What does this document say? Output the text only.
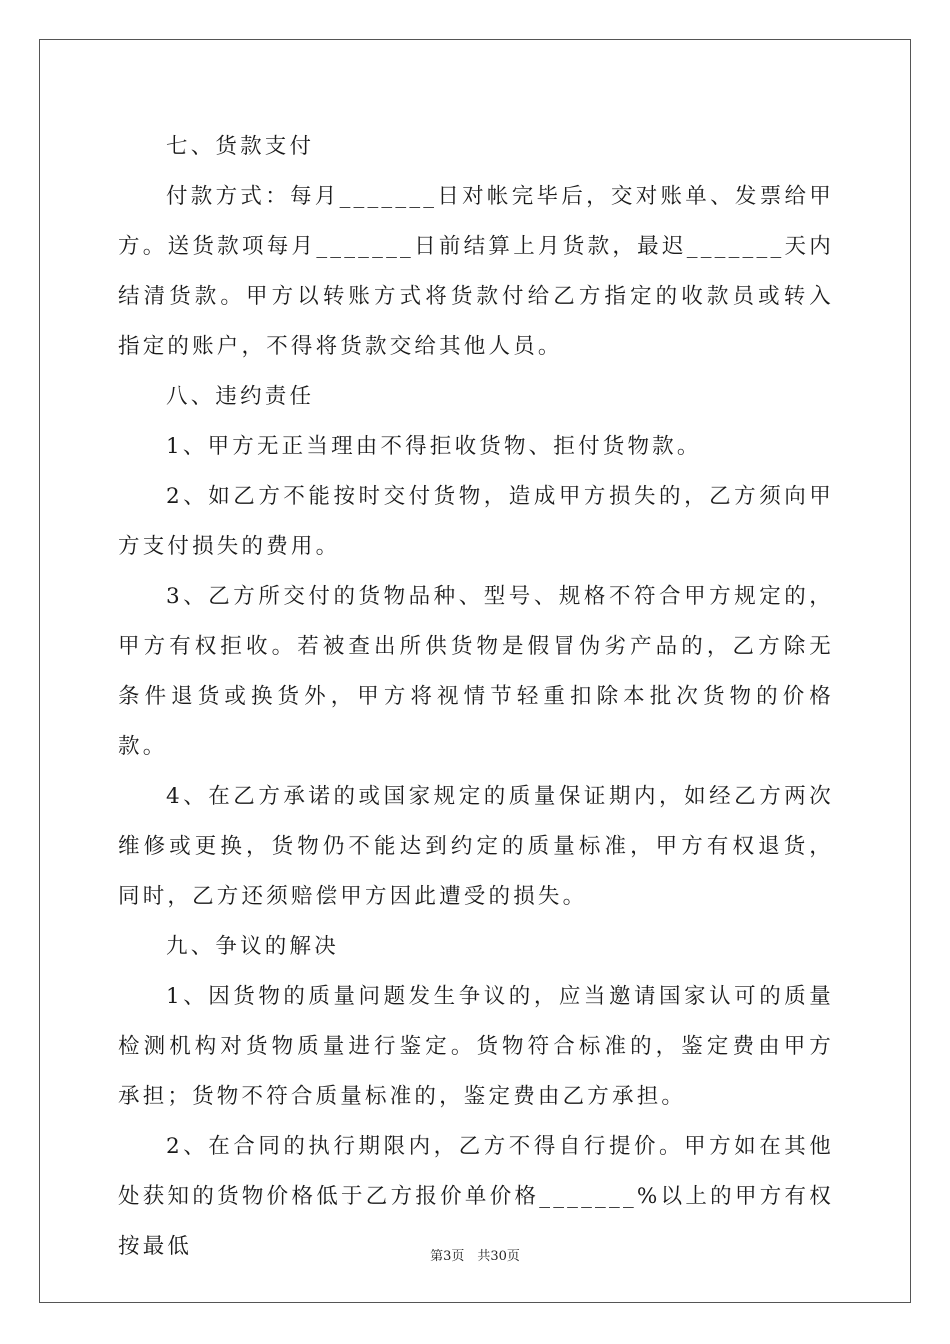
七、货款支付

付款方式：每月_______日对帐完毕后，交对账单、发票给甲方。送货款项每月_______日前结算上月货款，最迟_______天内结清货款。甲方以转账方式将货款付给乙方指定的收款员或转入指定的账户，不得将货款交给其他人员。

八、违约责任

1、甲方无正当理由不得拒收货物、拒付货物款。

2、如乙方不能按时交付货物，造成甲方损失的，乙方须向甲方支付损失的费用。

3、乙方所交付的货物品种、型号、规格不符合甲方规定的，甲方有权拒收。若被查出所供货物是假冒伪劣产品的，乙方除无条件退货或换货外，甲方将视情节轻重扣除本批次货物的价格款。

4、在乙方承诺的或国家规定的质量保证期内，如经乙方两次维修或更换，货物仍不能达到约定的质量标准，甲方有权退货，同时，乙方还须赔偿甲方因此遭受的损失。

九、争议的解决

1、因货物的质量问题发生争议的，应当邀请国家认可的质量检测机构对货物质量进行鉴定。货物符合标准的，鉴定费由甲方承担；货物不符合质量标准的，鉴定费由乙方承担。

2、在合同的执行期限内，乙方不得自行提价。甲方如在其他处获知的货物价格低于乙方报价单价格_______%以上的甲方有权按最低	第3页　共30页
